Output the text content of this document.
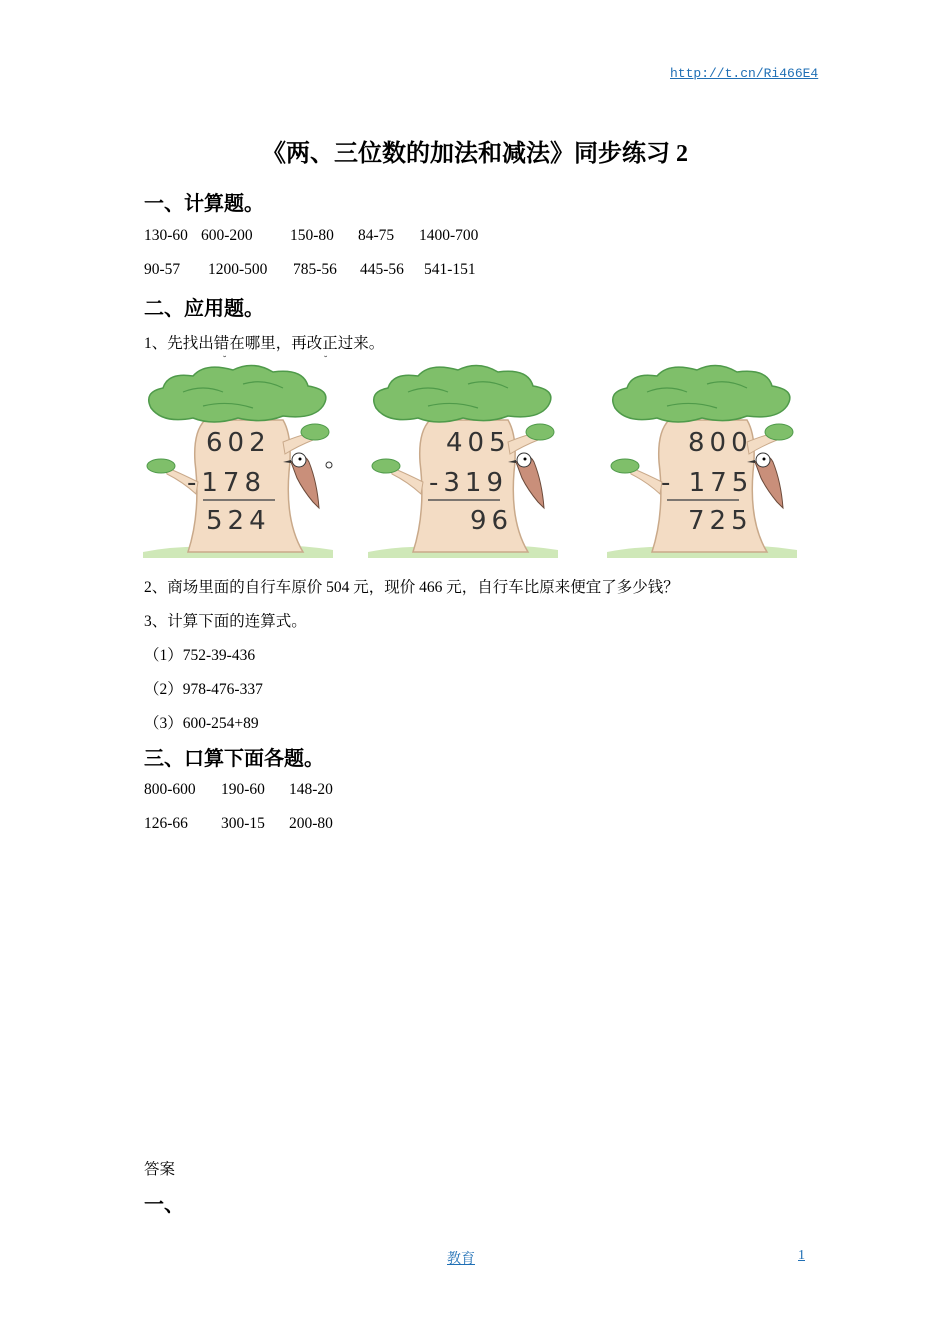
http://t.cn/Ri466E4
《两、三位数的加法和减法》同步练习 2
一、计算题。
130-60 600-200	150-80	84-75	1400-700
90-57	1200-500	785-56	445-56	541-151
二、应用题。
1、先找出错在哪里，再改正过来。
˘	˘
602
-178
524
405
-319
96
800
- 175
725
2、商场里面的自行车原价 504 元，现价 466 元，自行车比原来便宜了多少钱？
3、计算下面的连算式。
（1）752-39-436
（2）978-476-337
（3）600-254+89
三、口算下面各题。
800-600	190-60	148-20
126-66	300-15	200-80
答案
一、
教育	1
